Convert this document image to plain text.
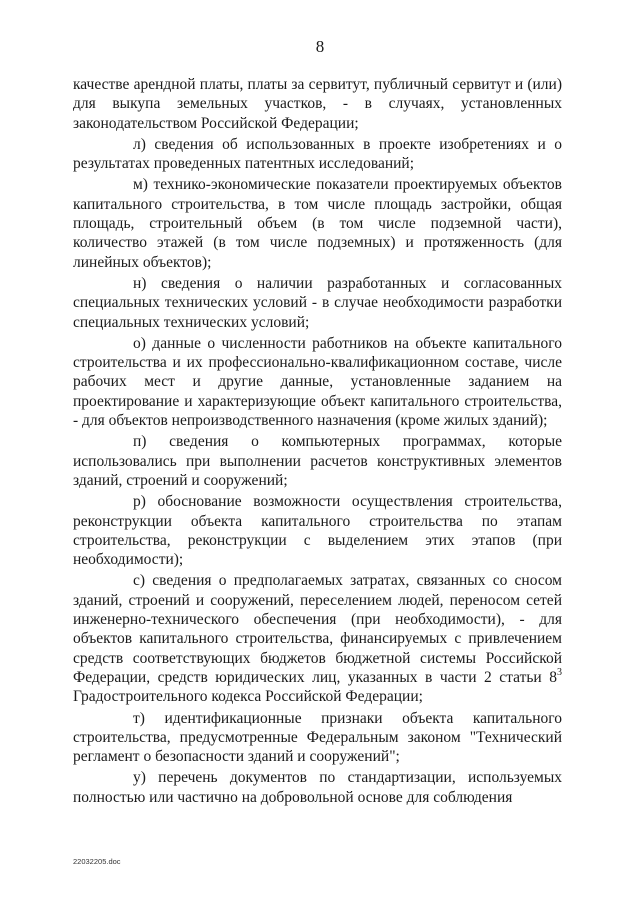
8

качестве арендной платы, платы за сервитут, публичный сервитут и (или) для выкупа земельных участков, - в случаях, установленных законодательством Российской Федерации;

л) сведения об использованных в проекте изобретениях и о результатах проведенных патентных исследований;

м) технико-экономические показатели проектируемых объектов капитального строительства, в том числе площадь застройки, общая площадь, строительный объем (в том числе подземной части), количество этажей (в том числе подземных) и протяженность (для линейных объектов);

н) сведения о наличии разработанных и согласованных специальных технических условий - в случае необходимости разработки специальных технических условий;

о) данные о численности работников на объекте капитального строительства и их профессионально-квалификационном составе, числе рабочих мест и другие данные, установленные заданием на проектирование и характеризующие объект капитального строительства, - для объектов непроизводственного назначения (кроме жилых зданий);

п) сведения о компьютерных программах, которые использовались при выполнении расчетов конструктивных элементов зданий, строений и сооружений;

р) обоснование возможности осуществления строительства, реконструкции объекта капитального строительства по этапам строительства, реконструкции с выделением этих этапов (при необходимости);

с) сведения о предполагаемых затратах, связанных со сносом зданий, строений и сооружений, переселением людей, переносом сетей инженерно-технического обеспечения (при необходимости), - для объектов капитального строительства, финансируемых с привлечением средств соответствующих бюджетов бюджетной системы Российской Федерации, средств юридических лиц, указанных в части 2 статьи $8^3$ Градостроительного кодекса Российской Федерации;

т) идентификационные признаки объекта капитального строительства, предусмотренные Федеральным законом "Технический регламент о безопасности зданий и сооружений";

у) перечень документов по стандартизации, используемых полностью или частично на добровольной основе для соблюдения

22032205.doc
